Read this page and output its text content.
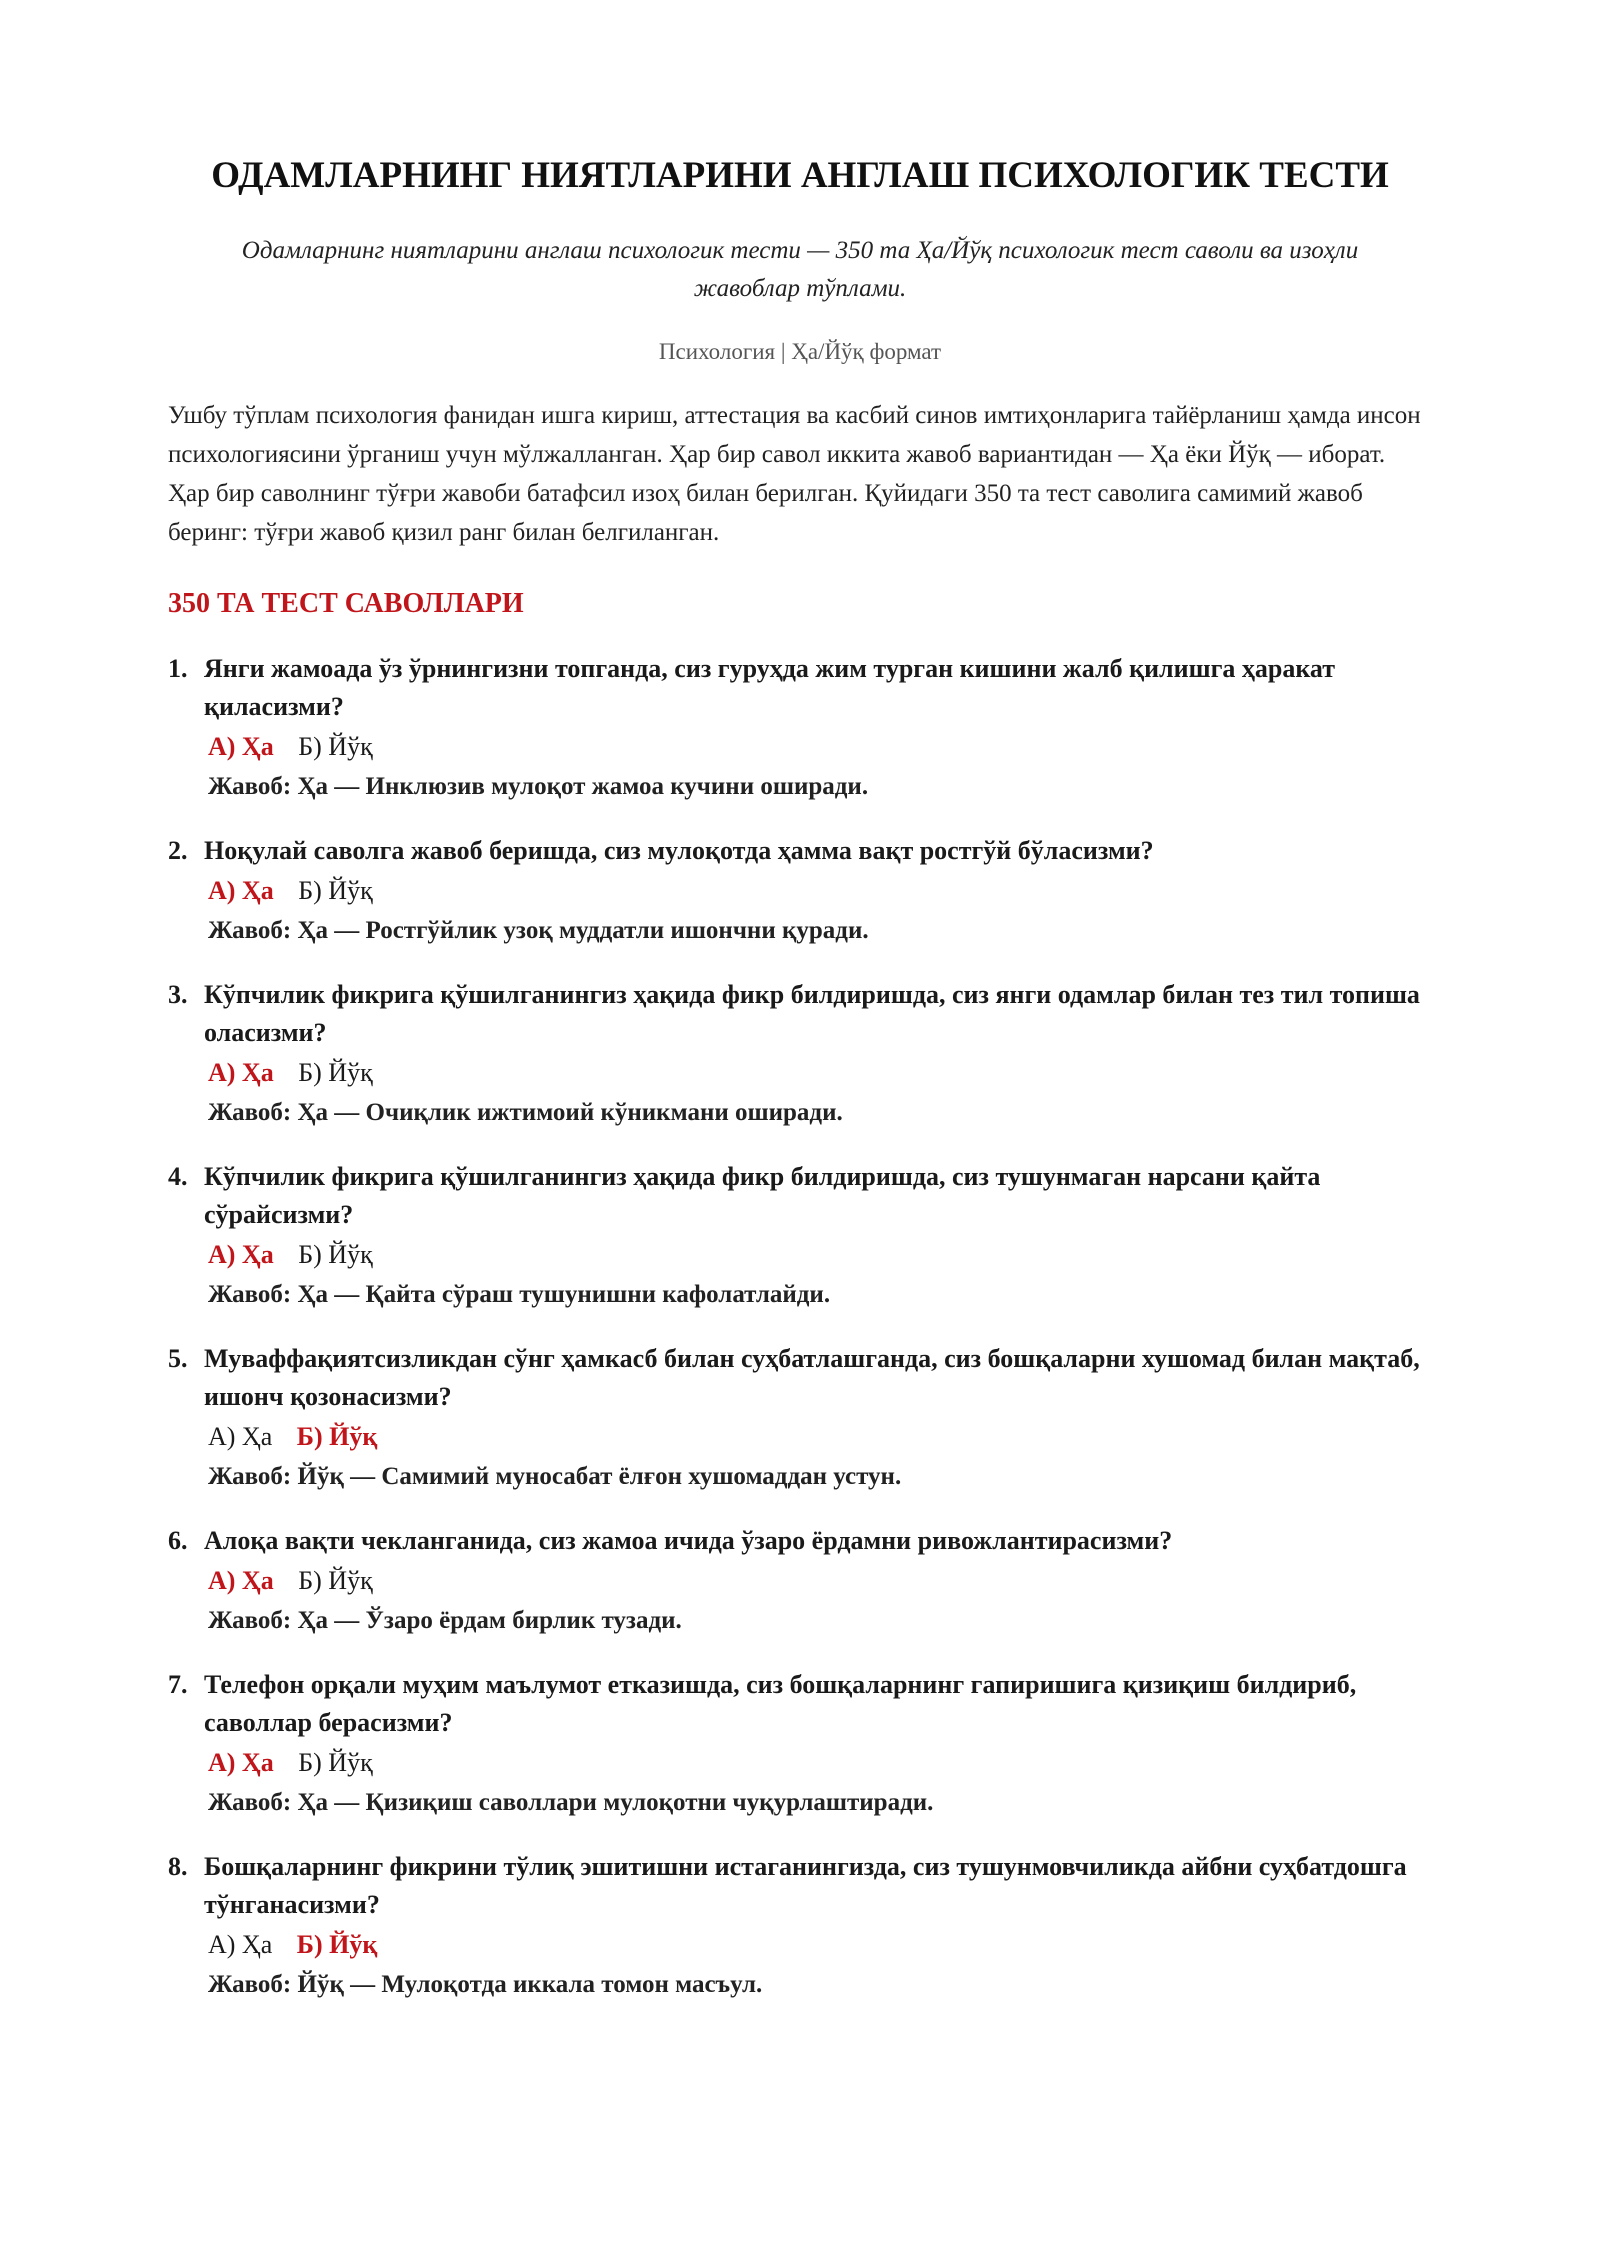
ОДАМЛАРНИНГ НИЯТЛАРИНИ АНГЛАШ ПСИХОЛОГИК ТЕСТИ
Одамларнинг ниятларини англаш психологик тести — 350 та Ҳа/Йўқ психологик тест саволи ва изоҳли жавоблар тўплами.
Психология | Ҳа/Йўқ формат
Ушбу тўплам психология фанидан ишга кириш, аттестация ва касбий синов имтиҳонларига тайёрланиш ҳамда инсон психологиясини ўрганиш учун мўлжалланган. Ҳар бир савол иккита жавоб вариантидан — Ҳа ёки Йўқ — иборат. Ҳар бир саволнинг тўғри жавоби батафсил изоҳ билан берилган. Қуйидаги 350 та тест саволига самимий жавоб беринг: тўғри жавоб қизил ранг билан белгиланган.
350 ТА ТЕСТ САВОЛЛАРИ
1. Янги жамоада ўз ўрнингизни топганда, сиз гуруҳда жим турган кишини жалб қилишга ҳаракат қиласизми?
А) Ҳа Б) Йўқ
Жавоб: Ҳа — Инклюзив мулоқот жамоа кучини оширади.
2. Ноқулай саволга жавоб беришда, сиз мулоқотда ҳамма вақт ростгўй бўласизми?
А) Ҳа Б) Йўқ
Жавоб: Ҳа — Ростгўйлик узоқ муддатли ишончни қуради.
3. Кўпчилик фикрига қўшилганингиз ҳақида фикр билдиришда, сиз янги одамлар билан тез тил топиша оласизми?
А) Ҳа Б) Йўқ
Жавоб: Ҳа — Очиқлик ижтимоий кўникмани оширади.
4. Кўпчилик фикрига қўшилганингиз ҳақида фикр билдиришда, сиз тушунмаган нарсани қайта сўрайсизми?
А) Ҳа Б) Йўқ
Жавоб: Ҳа — Қайта сўраш тушунишни кафолатлайди.
5. Муваффақиятсизликдан сўнг ҳамкасб билан суҳбатлашганда, сиз бошқаларни хушомад билан мақтаб, ишонч қозонасизми?
А) Ҳа Б) Йўқ
Жавоб: Йўқ — Самимий муносабат ёлғон хушомаддан устун.
6. Алоқа вақти чекланганида, сиз жамоа ичида ўзаро ёрдамни ривожлантирасизми?
А) Ҳа Б) Йўқ
Жавоб: Ҳа — Ўзаро ёрдам бирлик тузади.
7. Телефон орқали муҳим маълумот етказишда, сиз бошқаларнинг гапиришига қизиқиш билдириб, саволлар берасизми?
А) Ҳа Б) Йўқ
Жавоб: Ҳа — Қизиқиш саволлари мулоқотни чуқурлаштиради.
8. Бошқаларнинг фикрини тўлиқ эшитишни истаганингизда, сиз тушунмовчиликда айбни суҳбатдошга тўнганасизми?
А) Ҳа Б) Йўқ
Жавоб: Йўқ — Мулоқотда иккала томон масъул.
